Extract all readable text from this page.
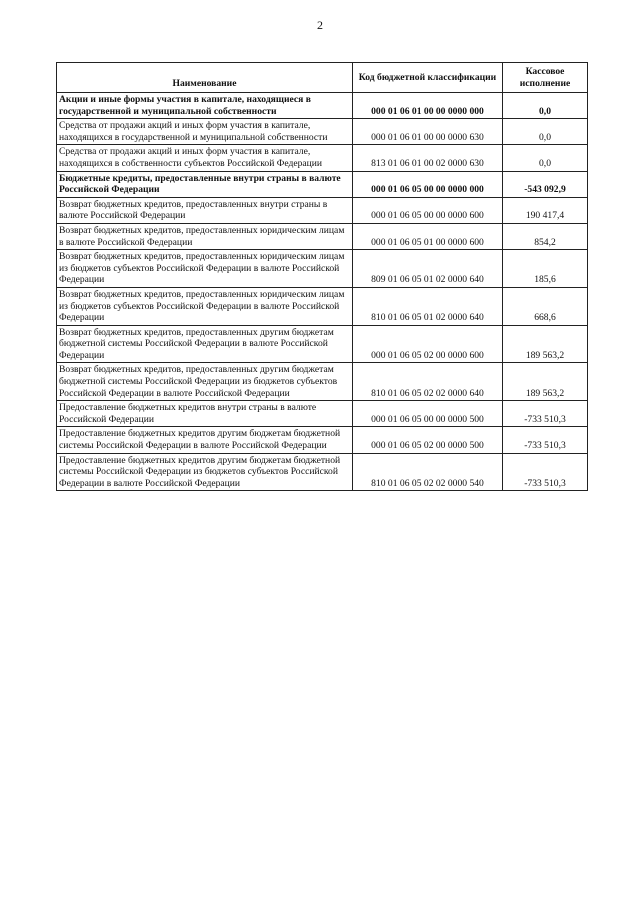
2
Наименование	Код бюджетной классификации	Кассовое исполнение
Акции и иные формы участия в капитале, находящиеся в государственной и муниципальной собственности	000 01 06 01 00 00 0000 000	0,0
Средства от продажи акций и иных форм участия в капитале, находящихся в государственной и муниципальной собственности	000 01 06 01 00 00 0000 630	0,0
Средства от продажи акций и иных форм участия в капитале, находящихся в собственности субъектов Российской Федерации	813 01 06 01 00 02 0000 630	0,0
Бюджетные кредиты, предоставленные внутри страны в валюте Российской Федерации	000 01 06 05 00 00 0000 000	-543 092,9
Возврат бюджетных кредитов, предоставленных внутри страны в валюте Российской Федерации	000 01 06 05 00 00 0000 600	190 417,4
Возврат бюджетных кредитов, предоставленных юридическим лицам в валюте Российской Федерации	000 01 06 05 01 00 0000 600	854,2
Возврат бюджетных кредитов, предоставленных юридическим лицам из бюджетов субъектов Российской Федерации в валюте Российской Федерации	809 01 06 05 01 02 0000 640	185,6
Возврат бюджетных кредитов, предоставленных юридическим лицам из бюджетов субъектов Российской Федерации в валюте Российской Федерации	810 01 06 05 01 02 0000 640	668,6
Возврат бюджетных кредитов, предоставленных другим бюджетам бюджетной системы Российской Федерации в валюте Российской Федерации	000 01 06 05 02 00 0000 600	189 563,2
Возврат бюджетных кредитов, предоставленных другим бюджетам бюджетной системы Российской Федерации из бюджетов субъектов Российской Федерации в валюте Российской Федерации	810 01 06 05 02 02 0000 640	189 563,2
Предоставление бюджетных кредитов внутри страны в валюте Российской Федерации	000 01 06 05 00 00 0000 500	-733 510,3
Предоставление бюджетных кредитов другим бюджетам бюджетной системы Российской Федерации в валюте Российской Федерации	000 01 06 05 02 00 0000 500	-733 510,3
Предоставление бюджетных кредитов другим бюджетам бюджетной системы Российской Федерации из бюджетов субъектов Российской Федерации в валюте Российской Федерации	810 01 06 05 02 02 0000 540	-733 510,3
